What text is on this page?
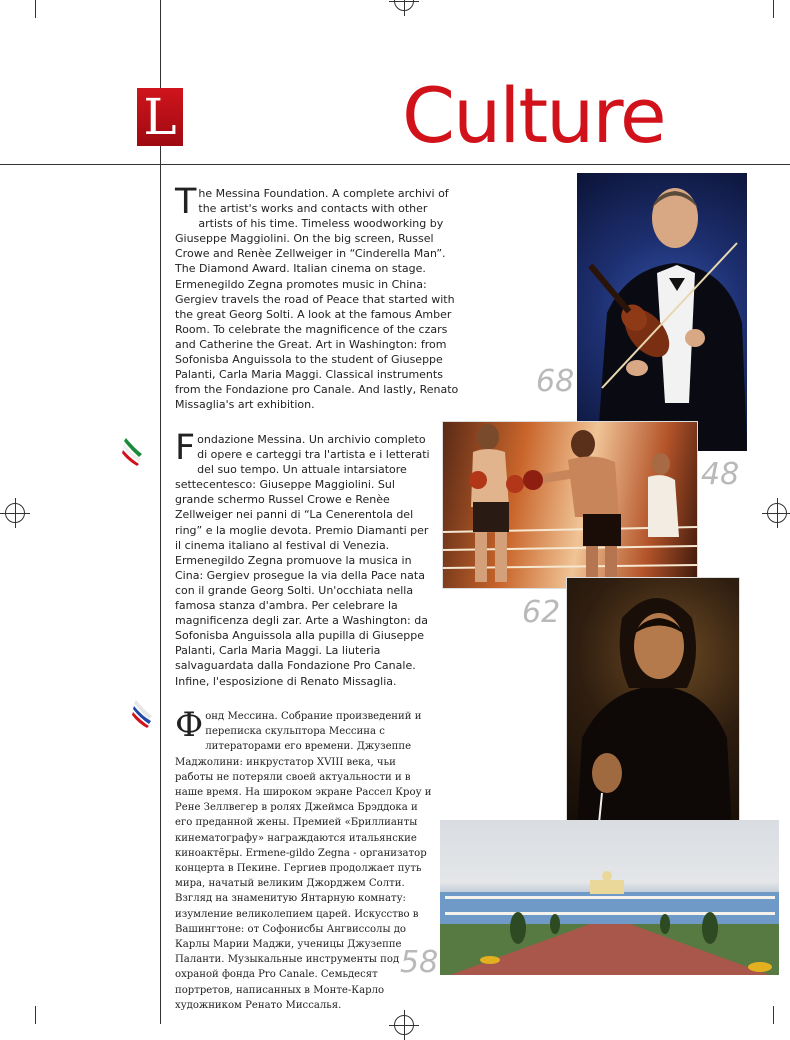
L	Culture
T he Messina Foundation. A complete archivi of the artist's works and contacts with other artists of his time. Timeless woodworking by Giuseppe Maggiolini. On the big screen, Russel Crowe and Renèe Zellweiger in “Cinderella Man”. The Diamond Award. Italian cinema on stage. Ermenegildo Zegna promotes music in China: Gergiev travels the road of Peace that started with the great Georg Solti. A look at the famous Amber Room. To celebrate the magnificence of the czars and Catherine the Great. Art in Washington: from Sofonisba Anguissola to the student of Giuseppe Palanti, Carla Maria Maggi. Classical instruments from the Fondazione pro Canale. And lastly, Renato Missaglia's art exhibition.
F ondazione Messina. Un archivio completo di opere e carteggi tra l'artista e i letterati del suo tempo. Un attuale intarsiatore settecentesco: Giuseppe Maggiolini. Sul grande schermo Russel Crowe e Renèe Zellweiger nei panni di “La Cenerentola del ring” e la moglie devota. Premio Diamanti per il cinema italiano al festival di Venezia. Ermenegildo Zegna promuove la musica in Cina: Gergiev prosegue la via della Pace nata con il grande Georg Solti. Un'occhiata nella famosa stanza d'ambra. Per celebrare la magnificenza degli zar. Arte a Washington: da Sofonisba Anguissola alla pupilla di Giuseppe Palanti, Carla Maria Maggi. La liuteria salvaguardata dalla Fondazione Pro Canale. Infine, l'esposizione di Renato Missaglia.
Ф онд Мессина. Собрание произведений и переписка скульптора Мессина с литераторами его времени. Джузеппе Маджолини: инкрустатор XVIII века, чьи работы не потеряли своей актуальности и в наше время. На широком экране Рассел Кроу и Рене Зеллвегер в ролях Джеймса Брэддока и его преданной жены. Премией «Бриллианты кинематографу» награждаются итальянские киноактёры. Ermene-gildo Zegna - организатор концерта в Пекине. Гергиев продолжает путь мира, начатый великим Джорджем Солти. Взгляд на знаменитую Янтарную комнату: изумление великолепием царей. Искусство в Вашингтоне: от Софонисбы Ангвиссолы до Карлы Марии Маджи, ученицы Джузеппе Палaнти. Музыкальные инструменты под охраной фонда Pro Canale. Семьдесят портретов, написанных в Монте-Карло художником Ренато Миссалья.
68
48
62
58
